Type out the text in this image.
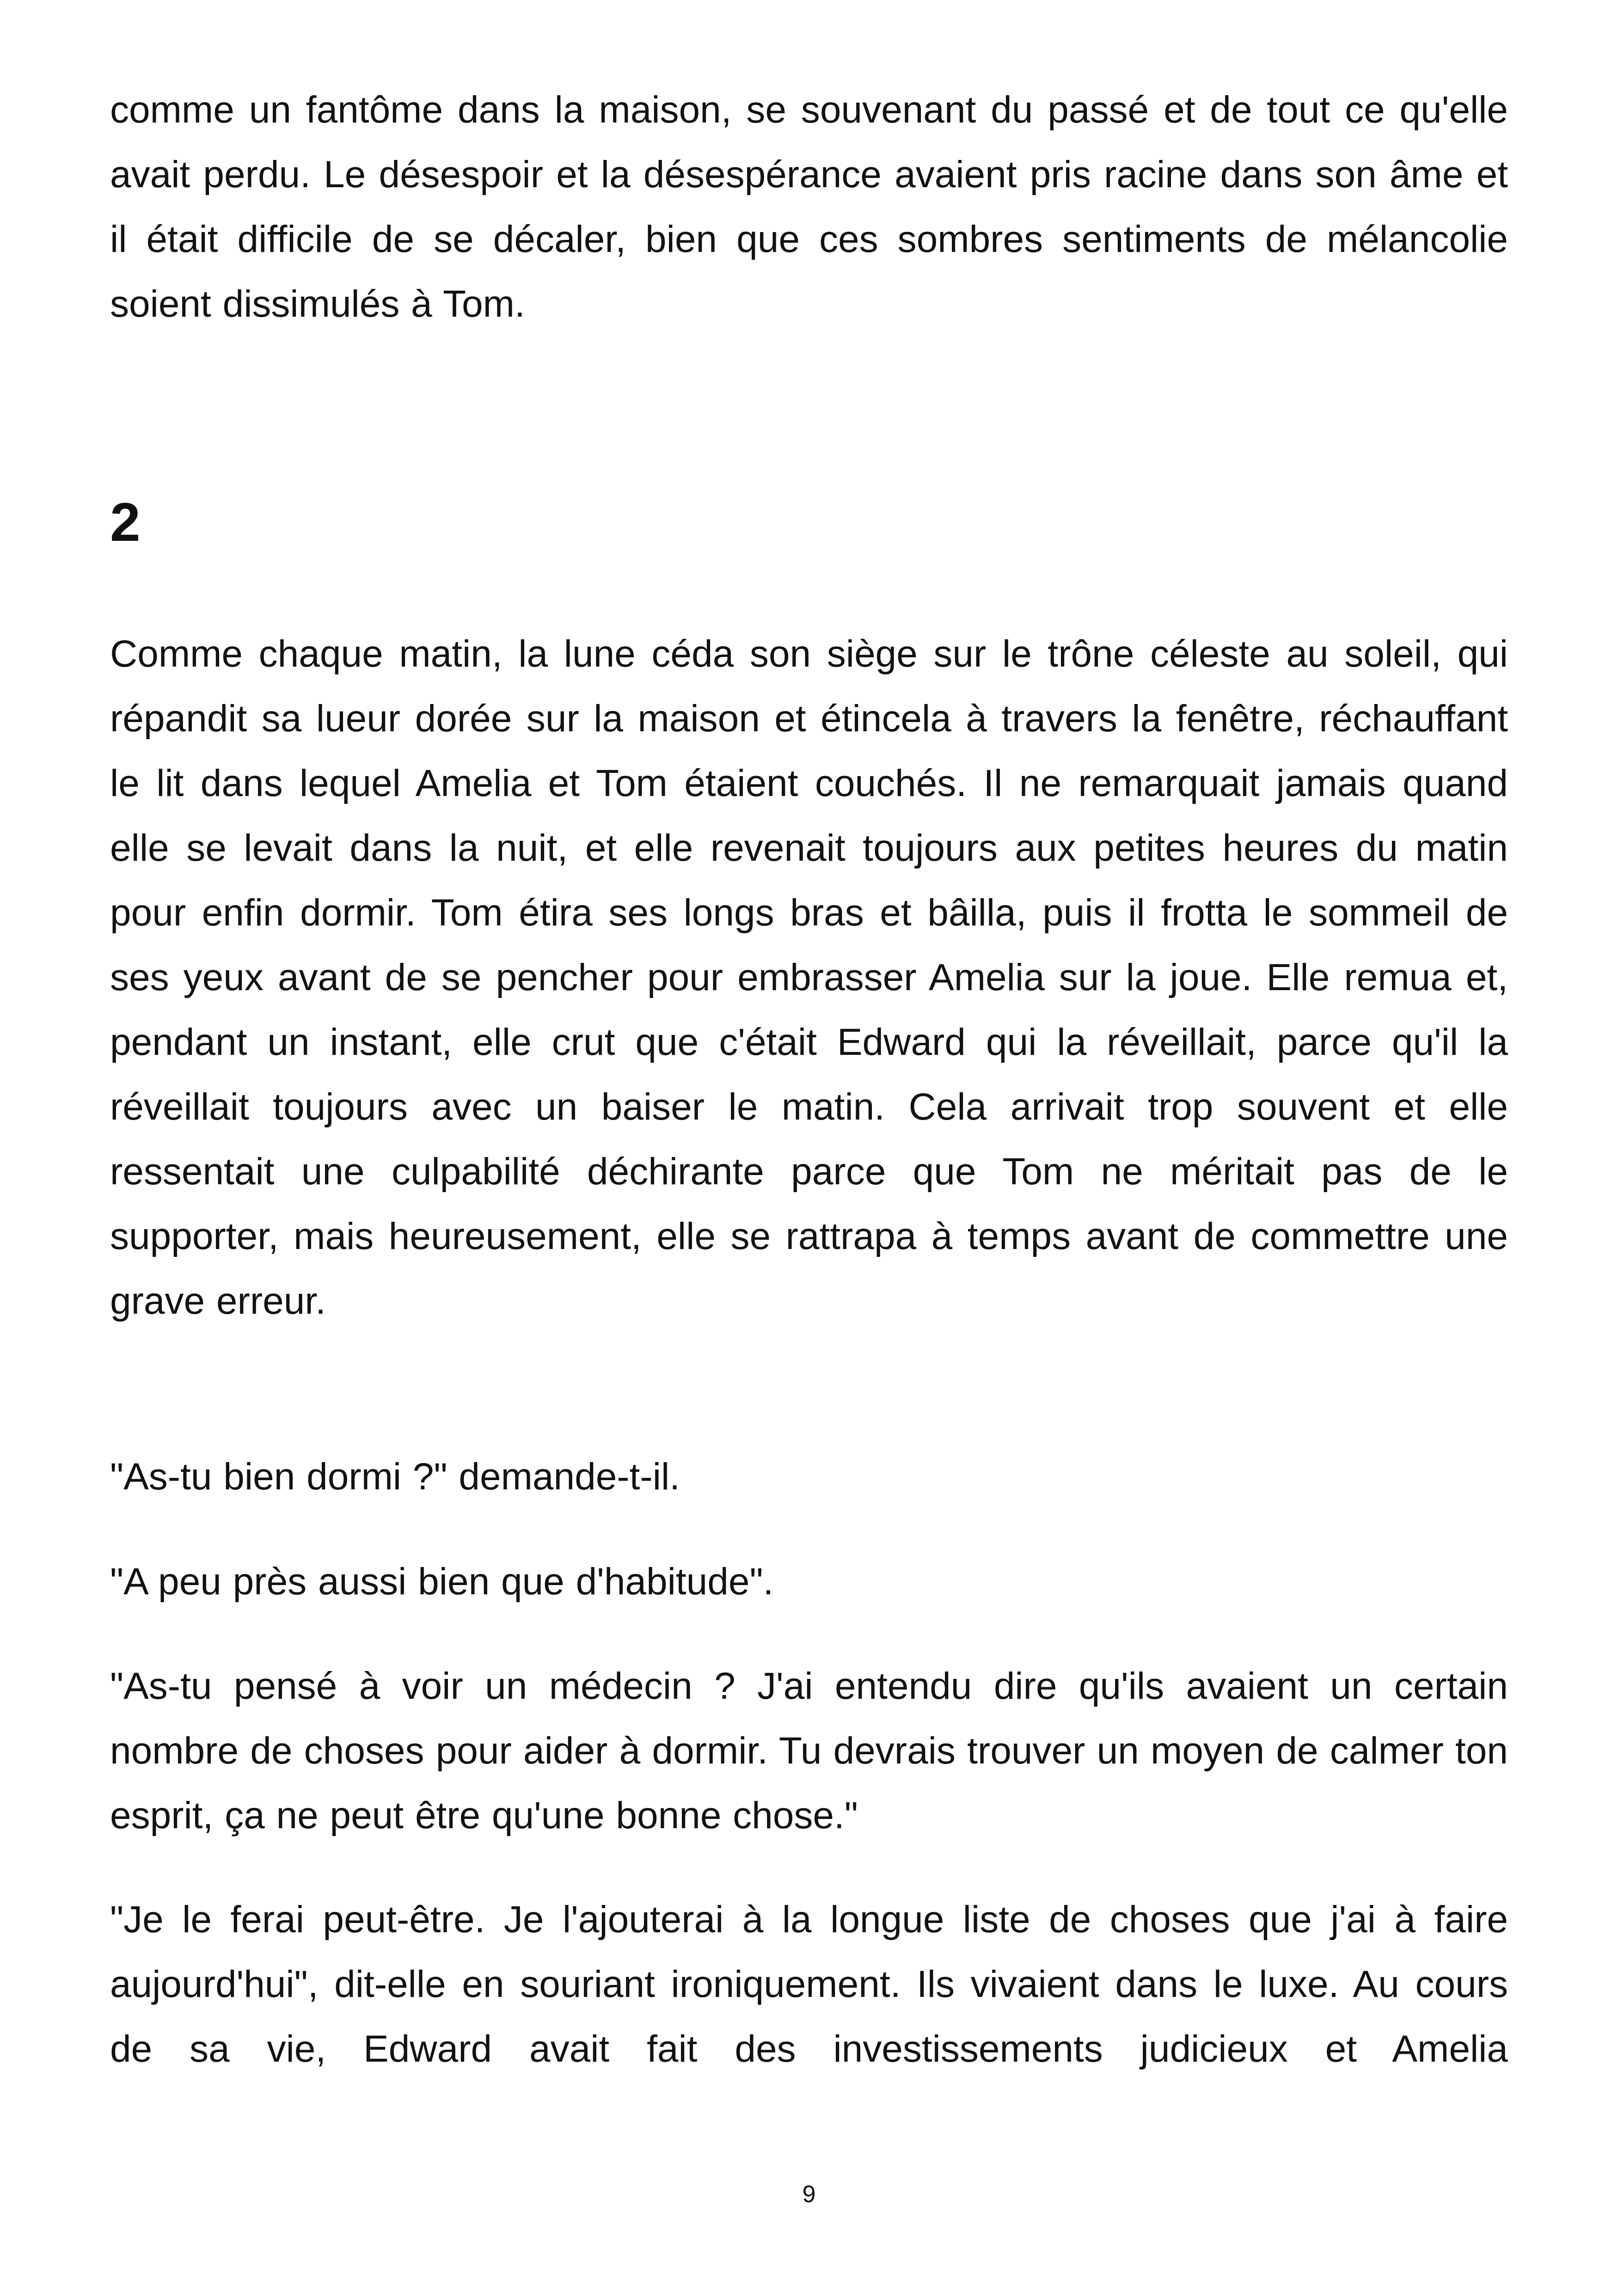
comme un fantôme dans la maison, se souvenant du passé et de tout ce qu'elle avait perdu. Le désespoir et la désespérance avaient pris racine dans son âme et il était difficile de se décaler, bien que ces sombres sentiments de mélancolie soient dissimulés à Tom.

2

Comme chaque matin, la lune céda son siège sur le trône céleste au soleil, qui répandit sa lueur dorée sur la maison et étincela à travers la fenêtre, réchauffant le lit dans lequel Amelia et Tom étaient couchés. Il ne remarquait jamais quand elle se levait dans la nuit, et elle revenait toujours aux petites heures du matin pour enfin dormir. Tom étira ses longs bras et bâilla, puis il frotta le sommeil de ses yeux avant de se pencher pour embrasser Amelia sur la joue. Elle remua et, pendant un instant, elle crut que c'était Edward qui la réveillait, parce qu'il la réveillait toujours avec un baiser le matin. Cela arrivait trop souvent et elle ressentait une culpabilité déchirante parce que Tom ne méritait pas de le supporter, mais heureusement, elle se rattrapa à temps avant de commettre une grave erreur.

"As-tu bien dormi ?" demande-t-il.

"A peu près aussi bien que d'habitude".

"As-tu pensé à voir un médecin ? J'ai entendu dire qu'ils avaient un certain nombre de choses pour aider à dormir. Tu devrais trouver un moyen de calmer ton esprit, ça ne peut être qu'une bonne chose."

"Je le ferai peut-être. Je l'ajouterai à la longue liste de choses que j'ai à faire aujourd'hui", dit-elle en souriant ironiquement. Ils vivaient dans le luxe. Au cours de sa vie, Edward avait fait des investissements judicieux et Amelia

9
